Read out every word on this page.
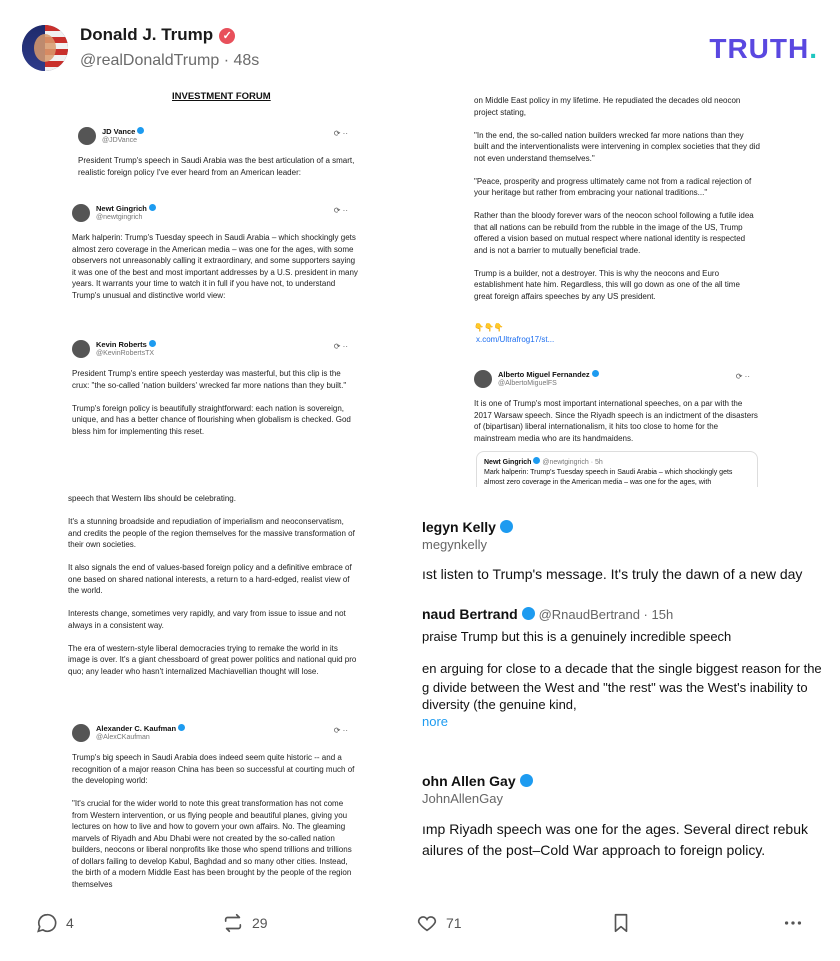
Donald J. Trump ✓
@realDonaldTrump · 48s	TRUTH.
INVESTMENT FORUM
JD Vance
@JDVance
⟳ ··
President Trump's speech in Saudi Arabia was the best articulation of a smart, realistic foreign policy I've ever heard from an American leader:
Newt Gingrich
@newtgingrich
⟳ ··
Mark halperin: Trump's Tuesday speech in Saudi Arabia – which shockingly gets almost zero coverage in the American media – was one for the ages, with some observers not unreasonably calling it extraordinary, and some supporters saying it was one of the best and most important addresses by a U.S. president in many years. It warrants your time to watch it in full if you have not, to understand Trump's unusual and distinctive world view:
Kevin Roberts
@KevinRobertsTX
⟳ ··
President Trump's entire speech yesterday was masterful, but this clip is the crux: "the so-called 'nation builders' wrecked far more nations than they built."

Trump's foreign policy is beautifully straightforward: each nation is sovereign, unique, and has a better chance of flourishing when globalism is checked. God bless him for implementing this reset.
speech that Western libs should be celebrating.

It's a stunning broadside and repudiation of imperialism and neoconservatism, and credits the people of the region themselves for the massive transformation of their own societies.

It also signals the end of values-based foreign policy and a definitive embrace of one based on shared national interests, a return to a hard-edged, realist view of the world.

Interests change, sometimes very rapidly, and vary from issue to issue and not always in a consistent way.

The era of western-style liberal democracies trying to remake the world in its image is over. It's a giant chessboard of great power politics and national quid pro quo; any leader who hasn't internalized Machiavellian thought will lose.
Alexander C. Kaufman
@AlexCKaufman
⟳ ··
Trump's big speech in Saudi Arabia does indeed seem quite historic -- and a recognition of a major reason China has been so successful at courting much of the developing world:

"It's crucial for the wider world to note this great transformation has not come from Western intervention, or us flying people and beautiful planes, giving you lectures on how to live and how to govern your own affairs. No. The gleaming marvels of Riyadh and Abu Dhabi were not created by the so-called nation builders, neocons or liberal nonprofits like those who spend trillions and trillions of dollars failing to develop Kabul, Baghdad and so many other cities. Instead, the birth of a modern Middle East has been brought by the people of the region themselves
on Middle East policy in my lifetime. He repudiated the decades old neocon project stating,

"In the end, the so-called nation builders wrecked far more nations than they built and the interventionalists were intervening in complex societies that they did not even understand themselves."

"Peace, prosperity and progress ultimately came not from a radical rejection of your heritage but rather from embracing your national traditions..."

Rather than the bloody forever wars of the neocon school following a futile idea that all nations can be rebuild from the rubble in the image of the US, Trump offered a vision based on mutual respect where national identity is respected and is not a barrier to mutually beneficial trade.

Trump is a builder, not a destroyer. This is why the neocons and Euro establishment hate him. Regardless, this will go down as one of the all time great foreign affairs speeches by any US president.
👇👇👇
x.com/Ultrafrog17/st...
Alberto Miguel Fernandez
@AlbertoMiguelFS
⟳ ··
It is one of Trump's most important international speeches, on a par with the 2017 Warsaw speech. Since the Riyadh speech is an indictment of the disasters of (bipartisan) liberal internationalism, it hits too close to home for the mainstream media who are its handmaidens.
Newt Gingrich @newtgingrich · 5h
Mark halperin: Trump's Tuesday speech in Saudi Arabia – which shockingly gets almost zero coverage in the American media – was one for the ages, with
legyn Kelly
megynkelly
ıst listen to Trump's message. It's truly the dawn of a new day
naud Bertrand @RnaudBertrand · 15h
praise Trump but this is a genuinely incredible speech
en arguing for close to a decade that the single biggest reason for the
g divide between the West and "the rest" was the West's inability to
diversity (the genuine kind,
nore
ohn Allen Gay
JohnAllenGay
ımp Riyadh speech was one for the ages. Several direct rebuk
ailures of the post–Cold War approach to foreign policy.
4	29	71
